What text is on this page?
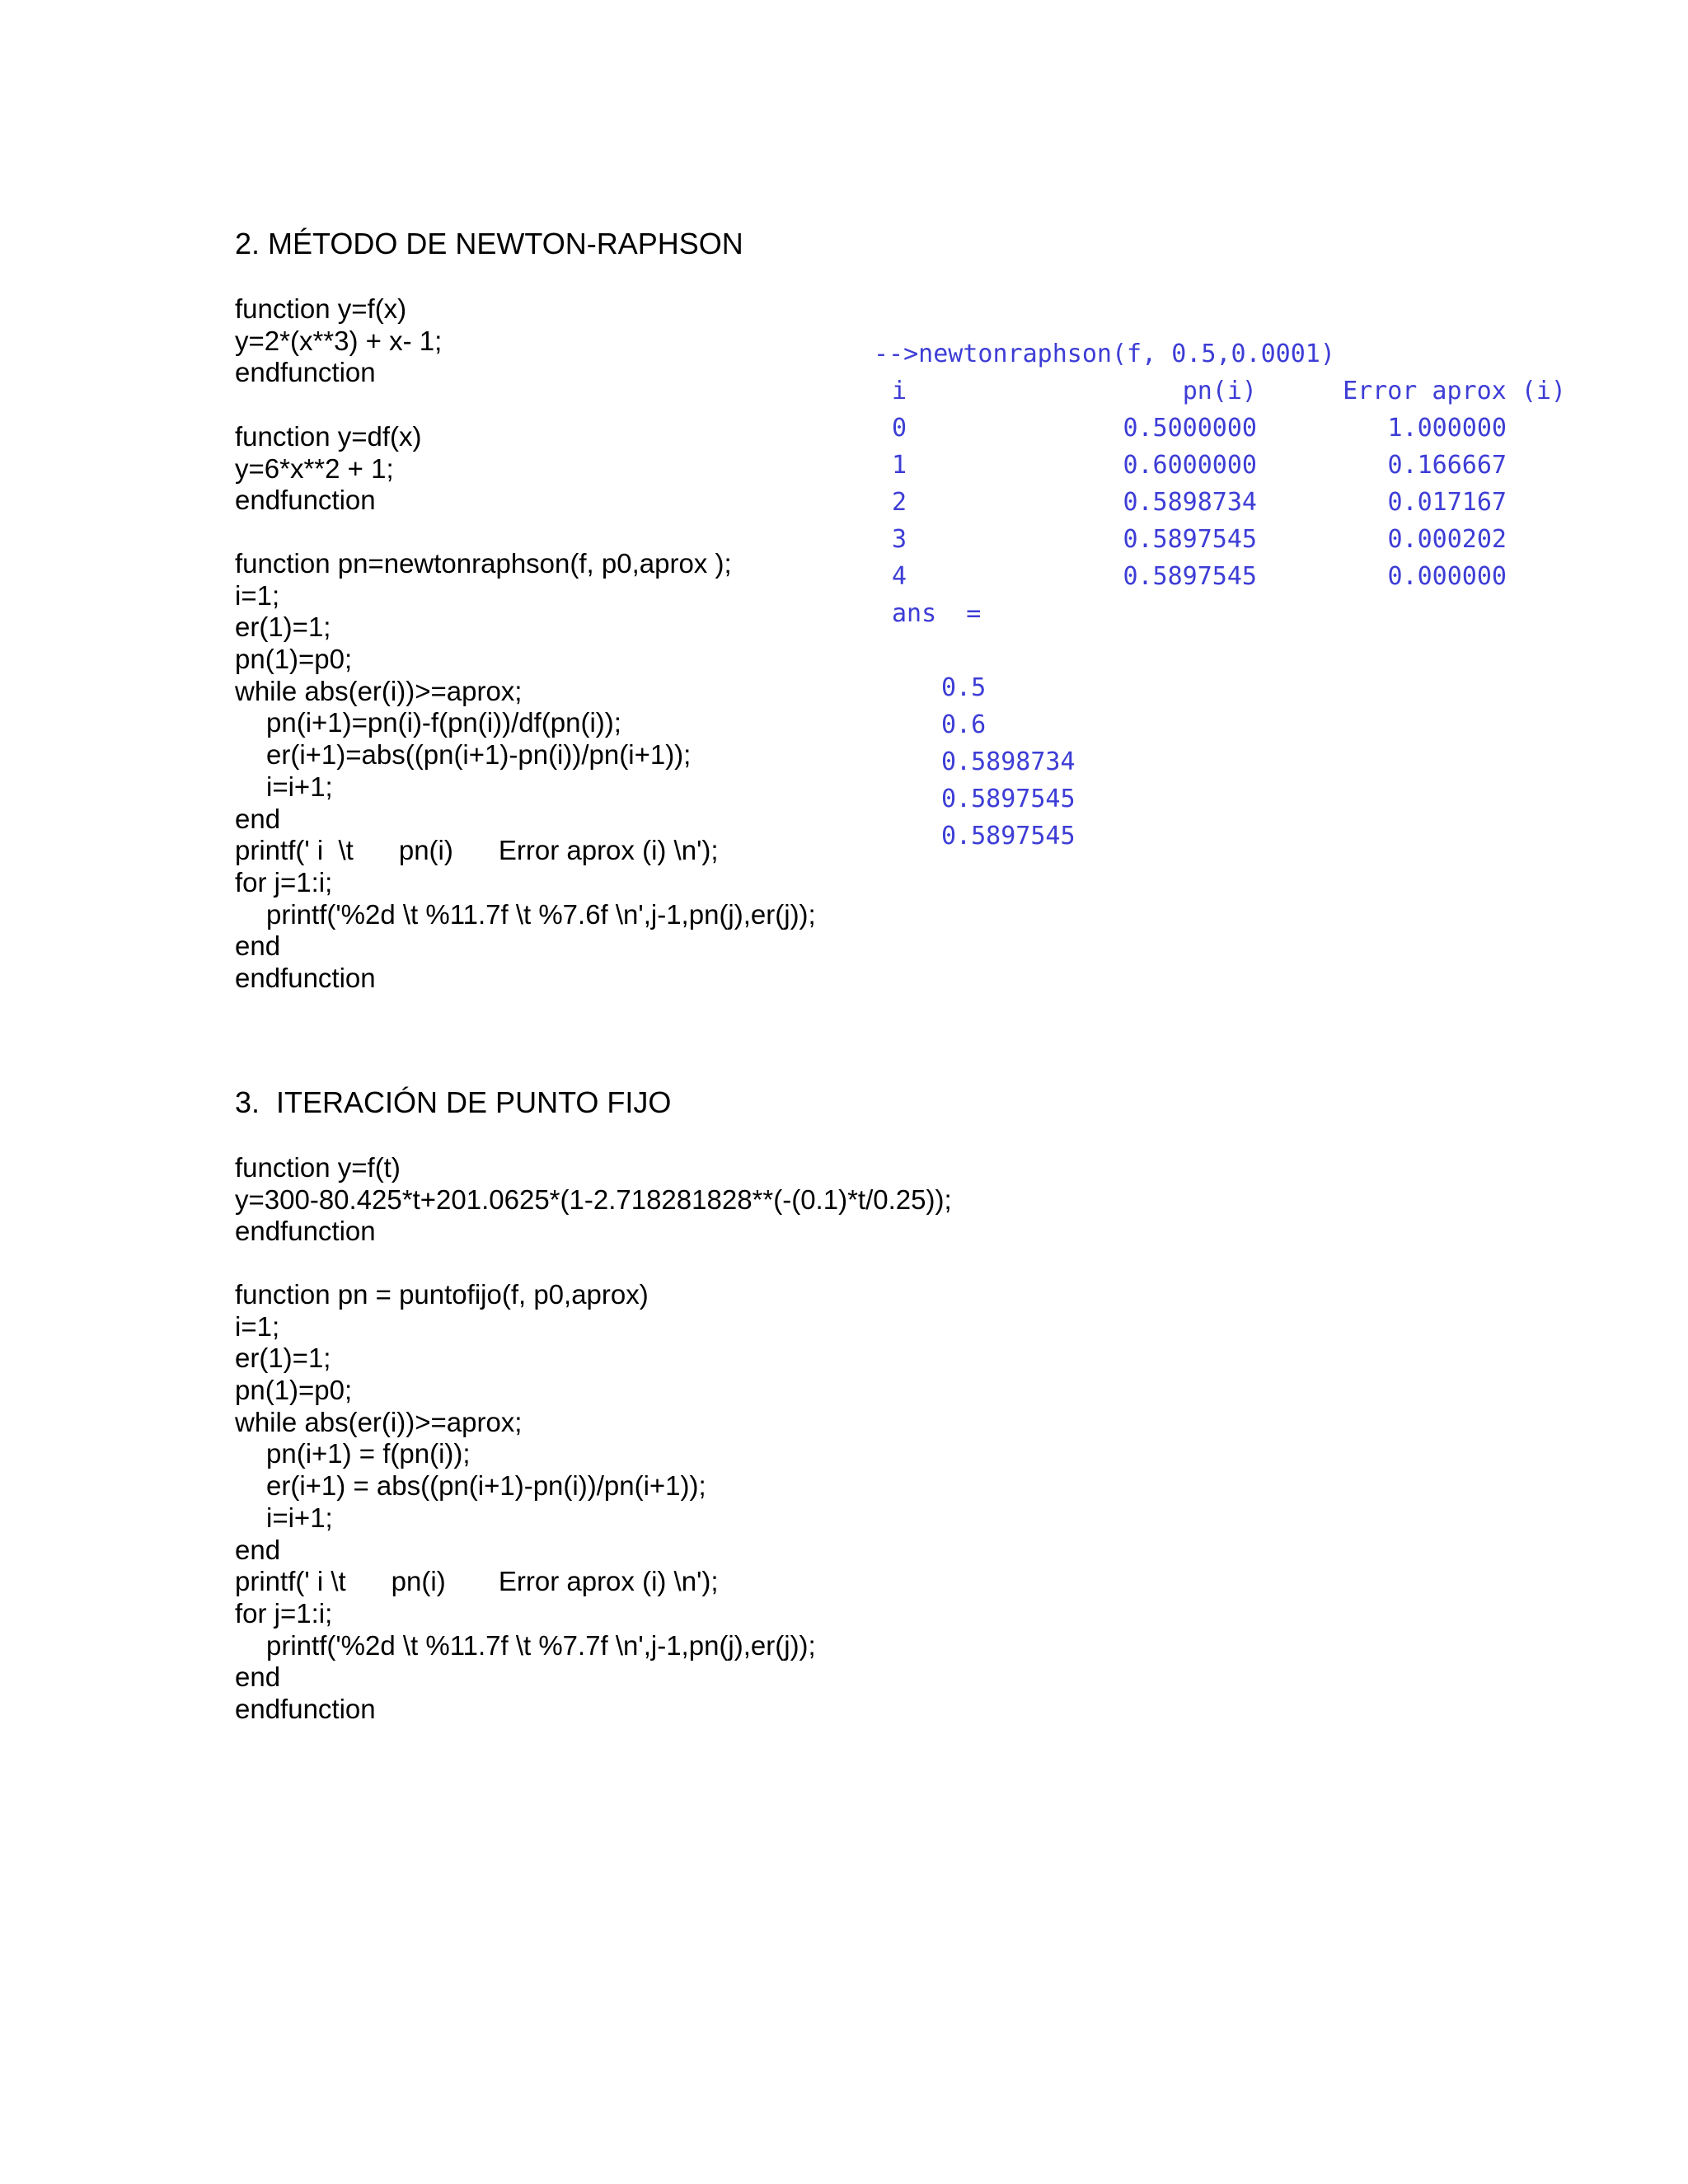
2. MÉTODO DE NEWTON-RAPHSON
function y=f(x)
y=2*(x**3) + x- 1;
endfunction
function y=df(x)
y=6*x**2 + 1;
endfunction
function pn=newtonraphson(f, p0,aprox );
i=1;
er(1)=1;
pn(1)=p0;
while abs(er(i))>=aprox;
pn(i+1)=pn(i)-f(pn(i))/df(pn(i));
er(i+1)=abs((pn(i+1)-pn(i))/pn(i+1));
i=i+1;
end
printf(' i  \t      pn(i)      Error aprox (i) \n');
for j=1:i;
printf('%2d \t %11.7f \t %7.6f \n',j-1,pn(j),er(j));
end
endfunction
-->newtonraphson(f, 0.5,0.0001)
i	pn(i)	Error aprox (i)
0	0.5000000	1.000000
1	0.6000000	0.166667
2	0.5898734	0.017167
3	0.5897545	0.000202
4	0.5897545	0.000000
ans  =
0.5
0.6
0.5898734
0.5897545
0.5897545
3.  ITERACIÓN DE PUNTO FIJO
function y=f(t)
y=300-80.425*t+201.0625*(1-2.718281828**(-(0.1)*t/0.25));
endfunction
function pn = puntofijo(f, p0,aprox)
i=1;
er(1)=1;
pn(1)=p0;
while abs(er(i))>=aprox;
pn(i+1) = f(pn(i));
er(i+1) = abs((pn(i+1)-pn(i))/pn(i+1));
i=i+1;
end
printf(' i \t      pn(i)       Error aprox (i) \n');
for j=1:i;
printf('%2d \t %11.7f \t %7.7f \n',j-1,pn(j),er(j));
end
endfunction
